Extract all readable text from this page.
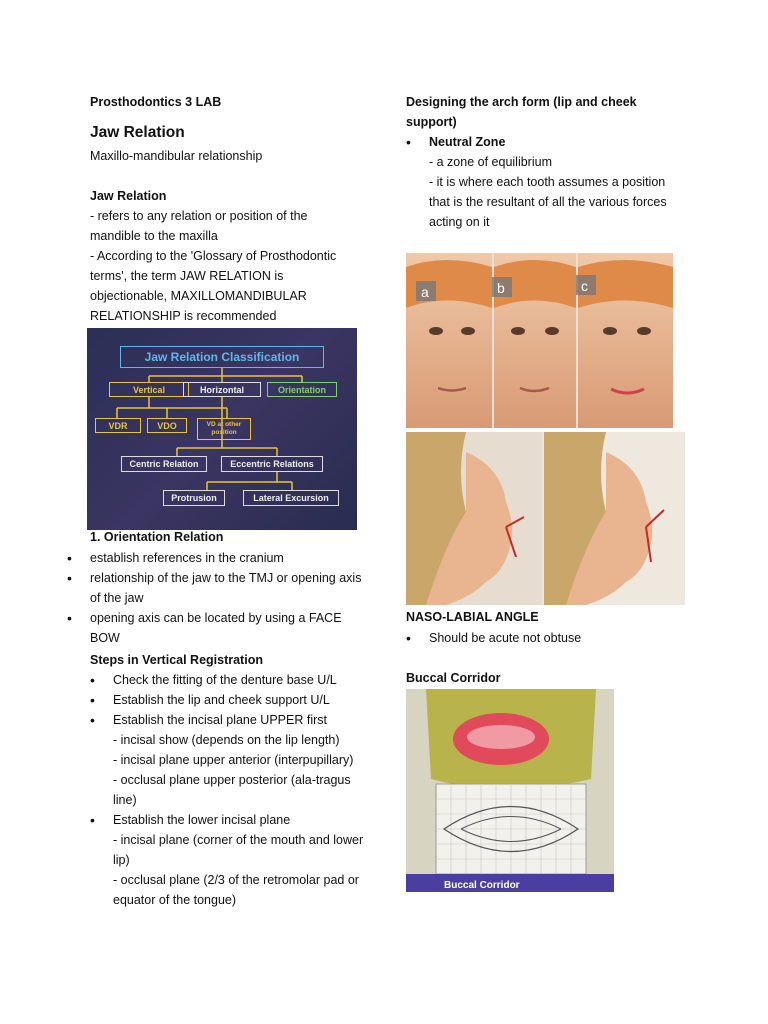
Prosthodontics 3 LAB
Jaw Relation
Maxillo-mandibular relationship
Jaw Relation
- refers to any relation or position of the
mandible to the maxilla
- According to the 'Glossary of Prosthodontic
terms', the term JAW RELATION is
objectionable, MAXILLOMANDIBULAR
RELATIONSHIP is recommended
Jaw Relation Classification
Vertical	Horizontal	Orientation
VDR	VDO	VD at other
position
Centric Relation	Eccentric Relations
Protrusion	Lateral Excursion
1. Orientation Relation
• establish references in the cranium
• relationship of the jaw to the TMJ or opening axis of the jaw
• opening axis can be located by using a FACE BOW
Steps in Vertical Registration
• Check the fitting of the denture base U/L
• Establish the lip and cheek support U/L
• Establish the incisal plane UPPER first
- incisal show (depends on the lip length)
- incisal plane upper anterior (interpupillary)
- occlusal plane upper posterior (ala-tragus line)
• Establish the lower incisal plane
- incisal plane (corner of the mouth and lower lip)
- occlusal plane (2/3 of the retromolar pad or equator of the tongue)
Designing the arch form (lip and cheek support)
• Neutral Zone
- a zone of equilibrium
- it is where each tooth assumes a position
that is the resultant of all the various forces
acting on it
a	b	c
NASO-LABIAL ANGLE
• Should be acute not obtuse
Buccal Corridor
Buccal Corridor
